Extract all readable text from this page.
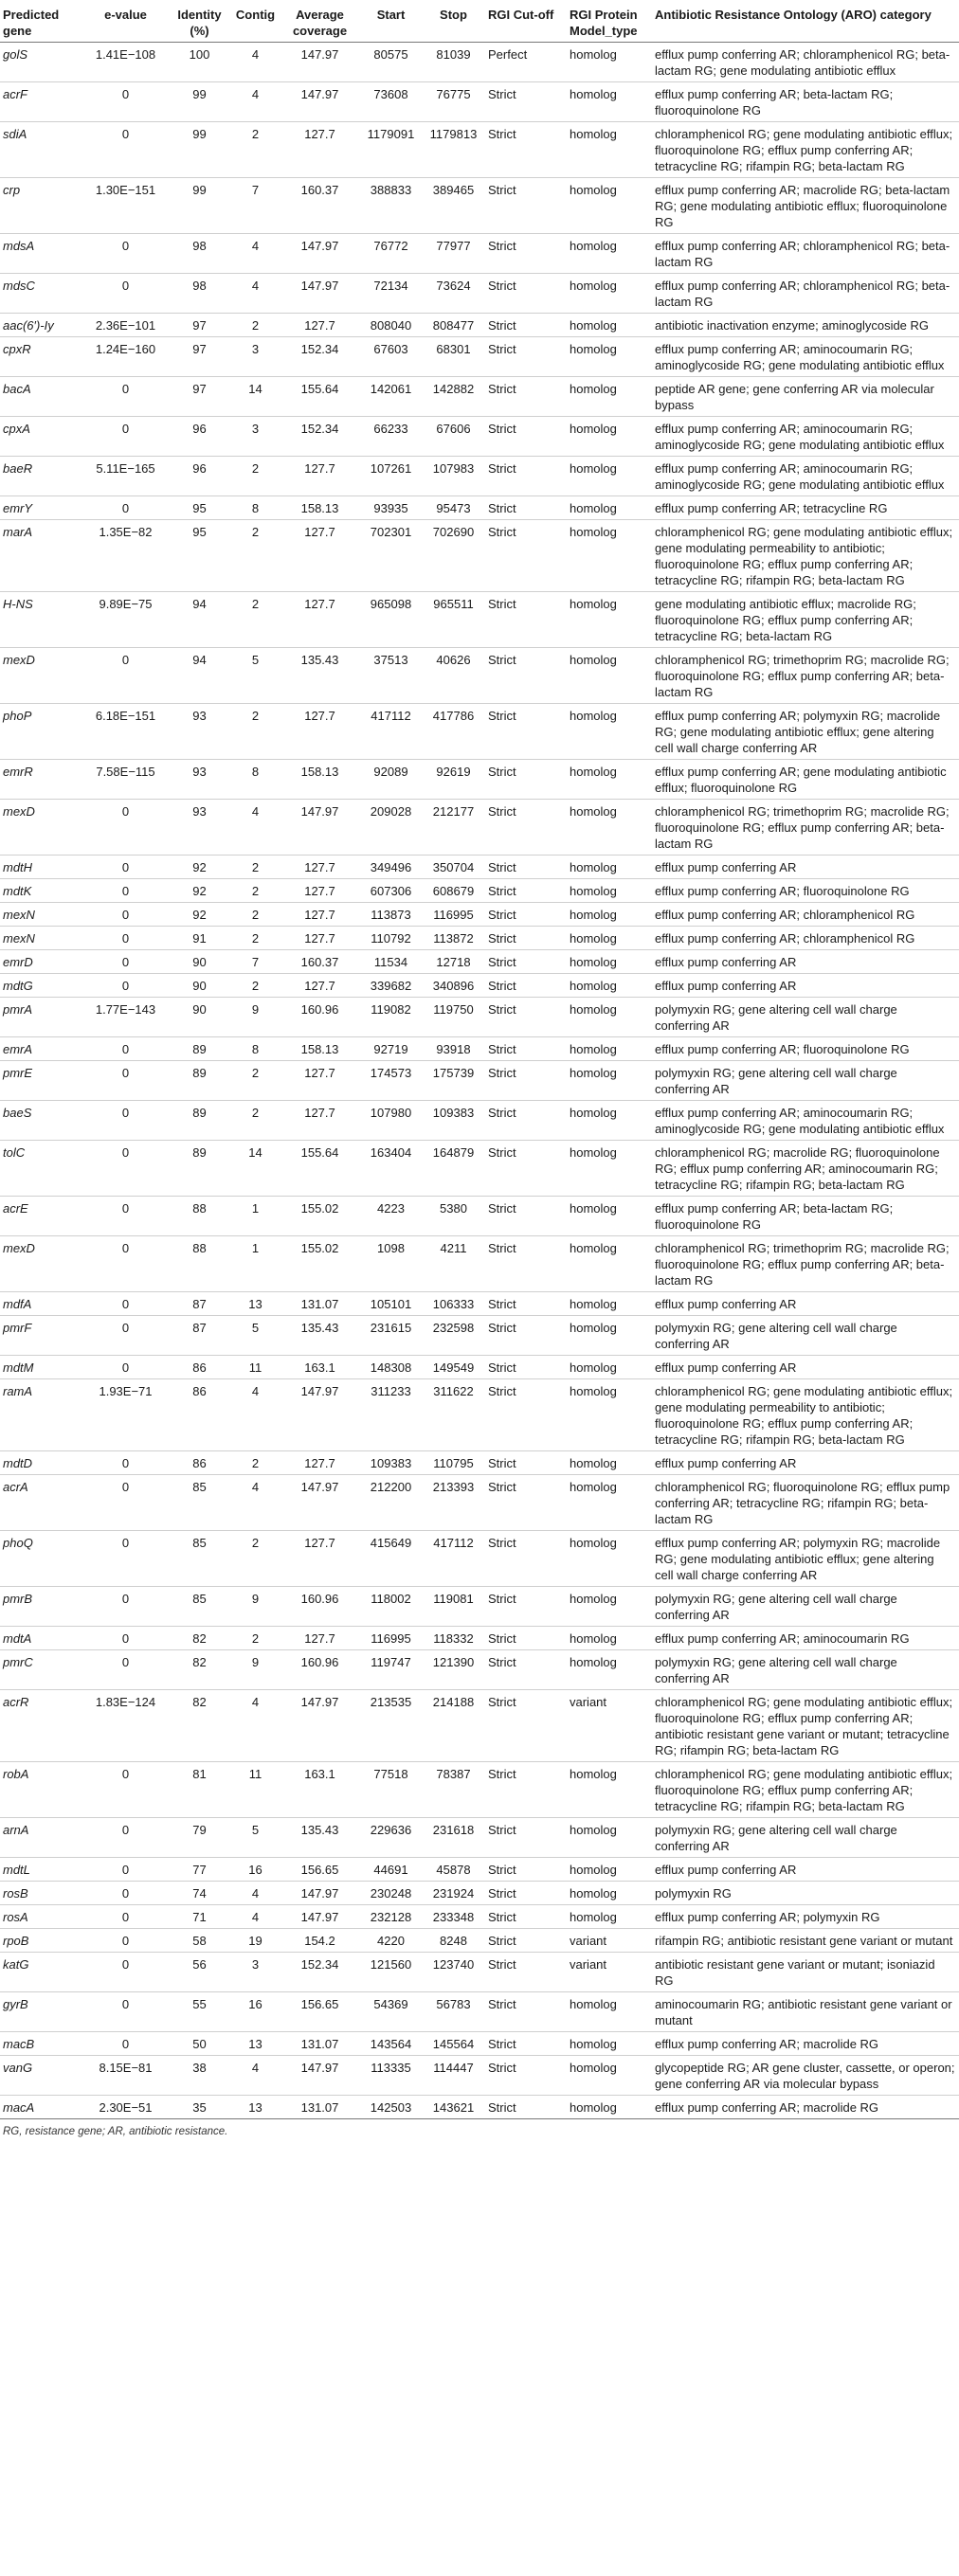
Predicted gene	e-value	Identity (%)	Contig	Average coverage	Start	Stop	RGI Cut-off	RGI Protein Model_type	Antibiotic Resistance Ontology (ARO) category
golS	1.41E−108	100	4	147.97	80575	81039	Perfect	homolog	efflux pump conferring AR; chloramphenicol RG; beta-lactam RG; gene modulating antibiotic efflux
acrF	0	99	4	147.97	73608	76775	Strict	homolog	efflux pump conferring AR; beta-lactam RG; fluoroquinolone RG
sdiA	0	99	2	127.7	1179091	1179813	Strict	homolog	chloramphenicol RG; gene modulating antibiotic efflux; fluoroquinolone RG; efflux pump conferring AR; tetracycline RG; rifampin RG; beta-lactam RG
crp	1.30E−151	99	7	160.37	388833	389465	Strict	homolog	efflux pump conferring AR; macrolide RG; beta-lactam RG; gene modulating antibiotic efflux; fluoroquinolone RG
mdsA	0	98	4	147.97	76772	77977	Strict	homolog	efflux pump conferring AR; chloramphenicol RG; beta-lactam RG
mdsC	0	98	4	147.97	72134	73624	Strict	homolog	efflux pump conferring AR; chloramphenicol RG; beta-lactam RG
aac(6′)-Iy	2.36E−101	97	2	127.7	808040	808477	Strict	homolog	antibiotic inactivation enzyme; aminoglycoside RG
cpxR	1.24E−160	97	3	152.34	67603	68301	Strict	homolog	efflux pump conferring AR; aminocoumarin RG; aminoglycoside RG; gene modulating antibiotic efflux
bacA	0	97	14	155.64	142061	142882	Strict	homolog	peptide AR gene; gene conferring AR via molecular bypass
cpxA	0	96	3	152.34	66233	67606	Strict	homolog	efflux pump conferring AR; aminocoumarin RG; aminoglycoside RG; gene modulating antibiotic efflux
baeR	5.11E−165	96	2	127.7	107261	107983	Strict	homolog	efflux pump conferring AR; aminocoumarin RG; aminoglycoside RG; gene modulating antibiotic efflux
emrY	0	95	8	158.13	93935	95473	Strict	homolog	efflux pump conferring AR; tetracycline RG
marA	1.35E−82	95	2	127.7	702301	702690	Strict	homolog	chloramphenicol RG; gene modulating antibiotic efflux; gene modulating permeability to antibiotic; fluoroquinolone RG; efflux pump conferring AR; tetracycline RG; rifampin RG; beta-lactam RG
H-NS	9.89E−75	94	2	127.7	965098	965511	Strict	homolog	gene modulating antibiotic efflux; macrolide RG; fluoroquinolone RG; efflux pump conferring AR; tetracycline RG; beta-lactam RG
mexD	0	94	5	135.43	37513	40626	Strict	homolog	chloramphenicol RG; trimethoprim RG; macrolide RG; fluoroquinolone RG; efflux pump conferring AR; beta-lactam RG
phoP	6.18E−151	93	2	127.7	417112	417786	Strict	homolog	efflux pump conferring AR; polymyxin RG; macrolide RG; gene modulating antibiotic efflux; gene altering cell wall charge conferring AR
emrR	7.58E−115	93	8	158.13	92089	92619	Strict	homolog	efflux pump conferring AR; gene modulating antibiotic efflux; fluoroquinolone RG
mexD	0	93	4	147.97	209028	212177	Strict	homolog	chloramphenicol RG; trimethoprim RG; macrolide RG; fluoroquinolone RG; efflux pump conferring AR; beta-lactam RG
mdtH	0	92	2	127.7	349496	350704	Strict	homolog	efflux pump conferring AR
mdtK	0	92	2	127.7	607306	608679	Strict	homolog	efflux pump conferring AR; fluoroquinolone RG
mexN	0	92	2	127.7	113873	116995	Strict	homolog	efflux pump conferring AR; chloramphenicol RG
mexN	0	91	2	127.7	110792	113872	Strict	homolog	efflux pump conferring AR; chloramphenicol RG
emrD	0	90	7	160.37	11534	12718	Strict	homolog	efflux pump conferring AR
mdtG	0	90	2	127.7	339682	340896	Strict	homolog	efflux pump conferring AR
pmrA	1.77E−143	90	9	160.96	119082	119750	Strict	homolog	polymyxin RG; gene altering cell wall charge conferring AR
emrA	0	89	8	158.13	92719	93918	Strict	homolog	efflux pump conferring AR; fluoroquinolone RG
pmrE	0	89	2	127.7	174573	175739	Strict	homolog	polymyxin RG; gene altering cell wall charge conferring AR
baeS	0	89	2	127.7	107980	109383	Strict	homolog	efflux pump conferring AR; aminocoumarin RG; aminoglycoside RG; gene modulating antibiotic efflux
tolC	0	89	14	155.64	163404	164879	Strict	homolog	chloramphenicol RG; macrolide RG; fluoroquinolone RG; efflux pump conferring AR; aminocoumarin RG; tetracycline RG; rifampin RG; beta-lactam RG
acrE	0	88	1	155.02	4223	5380	Strict	homolog	efflux pump conferring AR; beta-lactam RG; fluoroquinolone RG
mexD	0	88	1	155.02	1098	4211	Strict	homolog	chloramphenicol RG; trimethoprim RG; macrolide RG; fluoroquinolone RG; efflux pump conferring AR; beta-lactam RG
mdfA	0	87	13	131.07	105101	106333	Strict	homolog	efflux pump conferring AR
pmrF	0	87	5	135.43	231615	232598	Strict	homolog	polymyxin RG; gene altering cell wall charge conferring AR
mdtM	0	86	11	163.1	148308	149549	Strict	homolog	efflux pump conferring AR
ramA	1.93E−71	86	4	147.97	311233	311622	Strict	homolog	chloramphenicol RG; gene modulating antibiotic efflux; gene modulating permeability to antibiotic; fluoroquinolone RG; efflux pump conferring AR; tetracycline RG; rifampin RG; beta-lactam RG
mdtD	0	86	2	127.7	109383	110795	Strict	homolog	efflux pump conferring AR
acrA	0	85	4	147.97	212200	213393	Strict	homolog	chloramphenicol RG; fluoroquinolone RG; efflux pump conferring AR; tetracycline RG; rifampin RG; beta-lactam RG
phoQ	0	85	2	127.7	415649	417112	Strict	homolog	efflux pump conferring AR; polymyxin RG; macrolide RG; gene modulating antibiotic efflux; gene altering cell wall charge conferring AR
pmrB	0	85	9	160.96	118002	119081	Strict	homolog	polymyxin RG; gene altering cell wall charge conferring AR
mdtA	0	82	2	127.7	116995	118332	Strict	homolog	efflux pump conferring AR; aminocoumarin RG
pmrC	0	82	9	160.96	119747	121390	Strict	homolog	polymyxin RG; gene altering cell wall charge conferring AR
acrR	1.83E−124	82	4	147.97	213535	214188	Strict	variant	chloramphenicol RG; gene modulating antibiotic efflux; fluoroquinolone RG; efflux pump conferring AR; antibiotic resistant gene variant or mutant; tetracycline RG; rifampin RG; beta-lactam RG
robA	0	81	11	163.1	77518	78387	Strict	homolog	chloramphenicol RG; gene modulating antibiotic efflux; fluoroquinolone RG; efflux pump conferring AR; tetracycline RG; rifampin RG; beta-lactam RG
arnA	0	79	5	135.43	229636	231618	Strict	homolog	polymyxin RG; gene altering cell wall charge conferring AR
mdtL	0	77	16	156.65	44691	45878	Strict	homolog	efflux pump conferring AR
rosB	0	74	4	147.97	230248	231924	Strict	homolog	polymyxin RG
rosA	0	71	4	147.97	232128	233348	Strict	homolog	efflux pump conferring AR; polymyxin RG
rpoB	0	58	19	154.2	4220	8248	Strict	variant	rifampin RG; antibiotic resistant gene variant or mutant
katG	0	56	3	152.34	121560	123740	Strict	variant	antibiotic resistant gene variant or mutant; isoniazid RG
gyrB	0	55	16	156.65	54369	56783	Strict	homolog	aminocoumarin RG; antibiotic resistant gene variant or mutant
macB	0	50	13	131.07	143564	145564	Strict	homolog	efflux pump conferring AR; macrolide RG
vanG	8.15E−81	38	4	147.97	113335	114447	Strict	homolog	glycopeptide RG; AR gene cluster, cassette, or operon; gene conferring AR via molecular bypass
macA	2.30E−51	35	13	131.07	142503	143621	Strict	homolog	efflux pump conferring AR; macrolide RG
RG, resistance gene; AR, antibiotic resistance.
